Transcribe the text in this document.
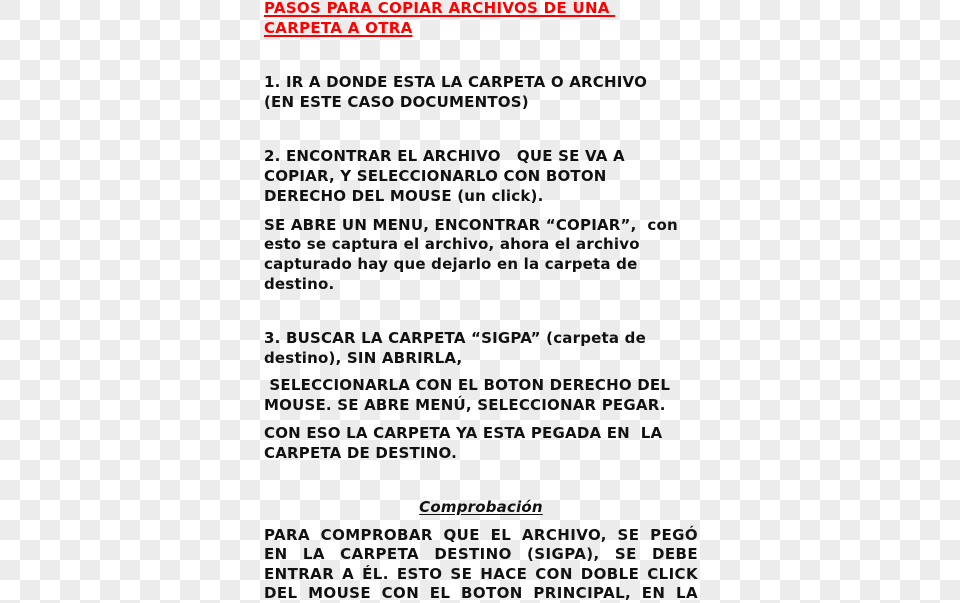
PASOS PARA COPIAR ARCHIVOS DE UNA
CARPETA A OTRA
1. IR A DONDE ESTA LA CARPETA O ARCHIVO
(EN ESTE CASO DOCUMENTOS)
2. ENCONTRAR EL ARCHIVO   QUE SE VA A
COPIAR, Y SELECCIONARLO CON BOTON
DERECHO DEL MOUSE (un click).
SE ABRE UN MENU, ENCONTRAR “COPIAR”,  con
esto se captura el archivo, ahora el archivo
capturado hay que dejarlo en la carpeta de
destino.
3. BUSCAR LA CARPETA “SIGPA” (carpeta de
destino), SIN ABRIRLA,
SELECCIONARLA CON EL BOTON DERECHO DEL
MOUSE. SE ABRE MENÚ, SELECCIONAR PEGAR.
CON ESO LA CARPETA YA ESTA PEGADA EN  LA
CARPETA DE DESTINO.
Comprobación
PARA COMPROBAR QUE EL ARCHIVO, SE PEGÓ
EN LA CARPETA DESTINO (SIGPA), SE DEBE
ENTRAR A ÉL. ESTO SE HACE CON DOBLE CLICK
DEL MOUSE CON EL BOTON PRINCIPAL, EN LA
